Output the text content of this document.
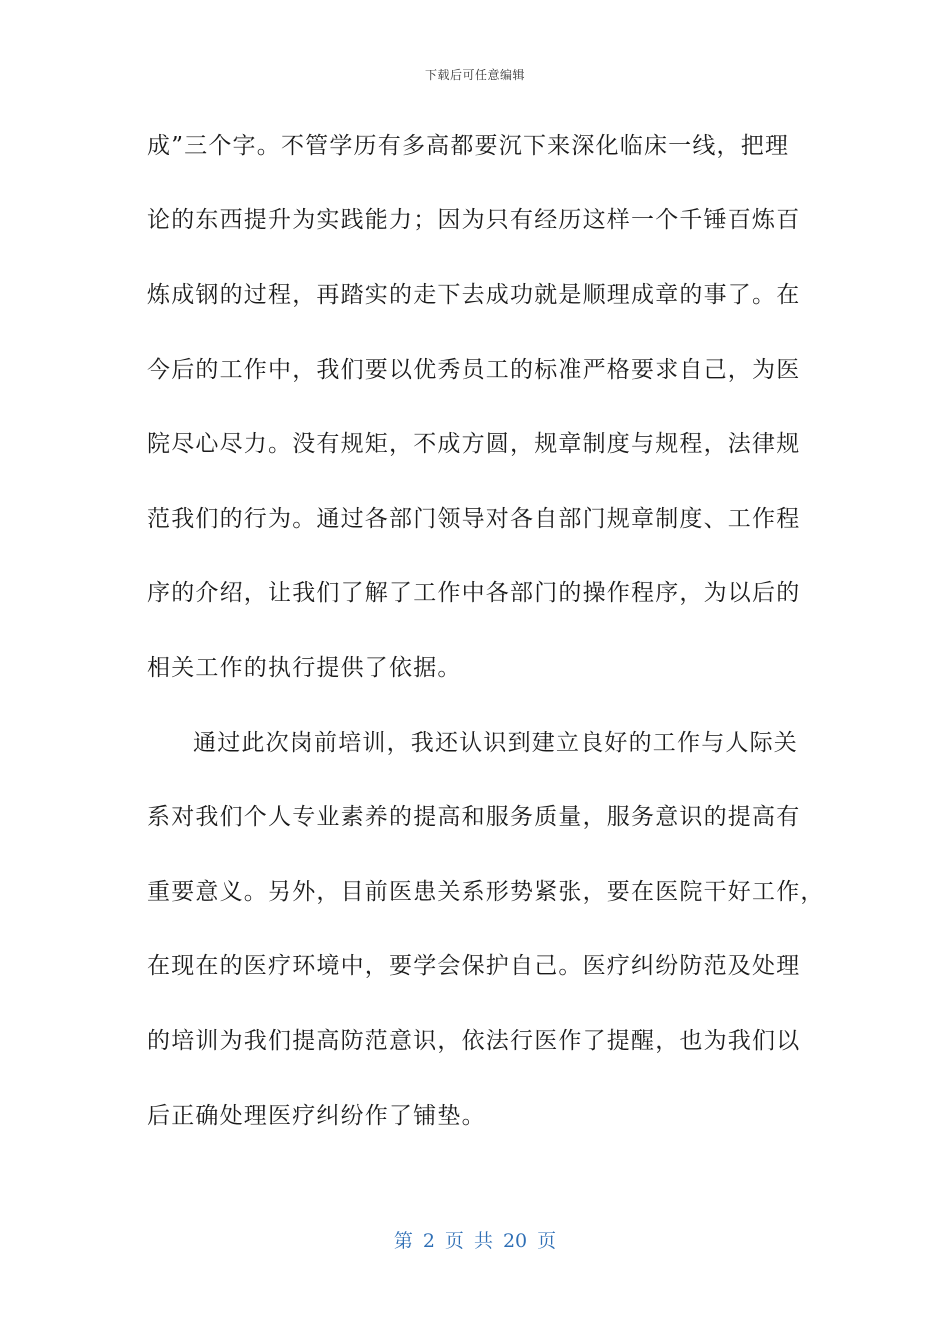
下载后可任意编辑
成”三个字。不管学历有多高都要沉下来深化临床一线，把理
论的东西提升为实践能力；因为只有经历这样一个千锤百炼百
炼成钢的过程，再踏实的走下去成功就是顺理成章的事了。在
今后的工作中，我们要以优秀员工的标准严格要求自己，为医
院尽心尽力。没有规矩，不成方圆，规章制度与规程，法律规
范我们的行为。通过各部门领导对各自部门规章制度、工作程
序的介绍，让我们了解了工作中各部门的操作程序，为以后的
相关工作的执行提供了依据。
通过此次岗前培训，我还认识到建立良好的工作与人际关
系对我们个人专业素养的提高和服务质量，服务意识的提高有
重要意义。另外，目前医患关系形势紧张，要在医院干好工作，
在现在的医疗环境中，要学会保护自己。医疗纠纷防范及处理
的培训为我们提高防范意识，依法行医作了提醒，也为我们以
后正确处理医疗纠纷作了铺垫。
第 2 页 共 20 页
